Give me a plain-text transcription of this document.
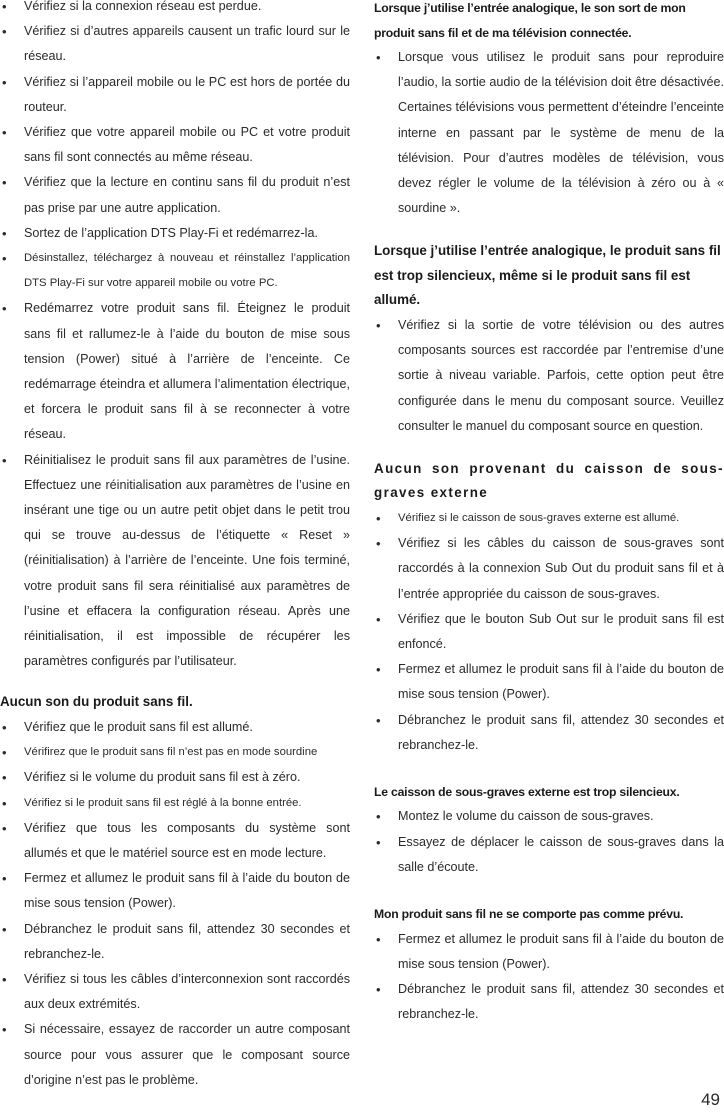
• Vérifiez si la connexion réseau est perdue.
• Vérifiez si d’autres appareils causent un trafic lourd sur le réseau.
• Vérifiez si l’appareil mobile ou le PC est hors de portée du routeur.
• Vérifiez que votre appareil mobile ou PC et votre produit sans fil sont connectés au même réseau.
• Vérifiez que la lecture en continu sans fil du produit n’est pas prise par une autre application.
• Sortez de l’application DTS Play-Fi et redémarrez-la.
• Désinstallez, téléchargez à nouveau et réinstallez l’application DTS Play-Fi sur votre appareil mobile ou votre PC.
• Redémarrez votre produit sans fil. Éteignez le produit sans fil et rallumez-le à l’aide du bouton de mise sous tension (Power) situé à l’arrière de l’enceinte. Ce redémarrage éteindra et allumera l’alimentation électrique, et forcera le produit sans fil à se reconnecter à votre réseau.
• Réinitialisez le produit sans fil aux paramètres de l’usine. Effectuez une réinitialisation aux paramètres de l’usine en insérant une tige ou un autre petit objet dans le petit trou qui se trouve au-dessus de l’étiquette « Reset » (réinitialisation) à l’arrière de l’enceinte. Une fois terminé, votre produit sans fil sera réinitialisé aux paramètres de l’usine et effacera la configuration réseau. Après une réinitialisation, il est impossible de récupérer les paramètres configurés par l’utilisateur.
Aucun son du produit sans fil.
• Vérifiez que le produit sans fil est allumé.
• Vérifirez que le produit sans fil n’est pas en mode sourdine
• Vérifiez si le volume du produit sans fil est à zéro.
• Vérifiez si le produit sans fil est réglé à la bonne entrée.
• Vérifiez que tous les composants du système sont allumés et que le matériel source est en mode lecture.
• Fermez et allumez le produit sans fil à l’aide du bouton de mise sous tension (Power).
• Débranchez le produit sans fil, attendez 30 secondes et rebranchez-le.
• Vérifiez si tous les câbles d’interconnexion sont raccordés aux deux extrémités.
• Si nécessaire, essayez de raccorder un autre composant source pour vous assurer que le composant source d’origine n’est pas le problème.
Lorsque j’utilise l’entrée analogique, le son sort de mon produit sans fil et de ma télévision connectée.
• Lorsque vous utilisez le produit sans pour reproduire l’audio, la sortie audio de la télévision doit être désactivée. Certaines télévisions vous permettent d’éteindre l’enceinte interne en passant par le système de menu de la télévision. Pour d’autres modèles de télévision, vous devez régler le volume de la télévision à zéro ou à « sourdine ».
Lorsque j’utilise l’entrée analogique, le produit sans fil est trop silencieux, même si le produit sans fil est allumé.
• Vérifiez si la sortie de votre télévision ou des autres composants sources est raccordée par l’entremise d’une sortie à niveau variable. Parfois, cette option peut être configurée dans le menu du composant source. Veuillez consulter le manuel du composant source en question.
Aucun son provenant du caisson de sous-graves externe
• Vérifiez si le caisson de sous-graves externe est allumé.
• Vérifiez si les câbles du caisson de sous-graves sont raccordés à la connexion Sub Out du produit sans fil et à l’entrée appropriée du caisson de sous-graves.
• Vérifiez que le bouton Sub Out sur le produit sans fil est enfoncé.
• Fermez et allumez le produit sans fil à l’aide du bouton de mise sous tension (Power).
• Débranchez le produit sans fil, attendez 30 secondes et rebranchez-le.
Le caisson de sous-graves externe est trop silencieux.
• Montez le volume du caisson de sous-graves.
• Essayez de déplacer le caisson de sous-graves dans la salle d’écoute.
Mon produit sans fil ne se comporte pas comme prévu.
• Fermez et allumez le produit sans fil à l’aide du bouton de mise sous tension (Power).
• Débranchez le produit sans fil, attendez 30 secondes et rebranchez-le.
49
